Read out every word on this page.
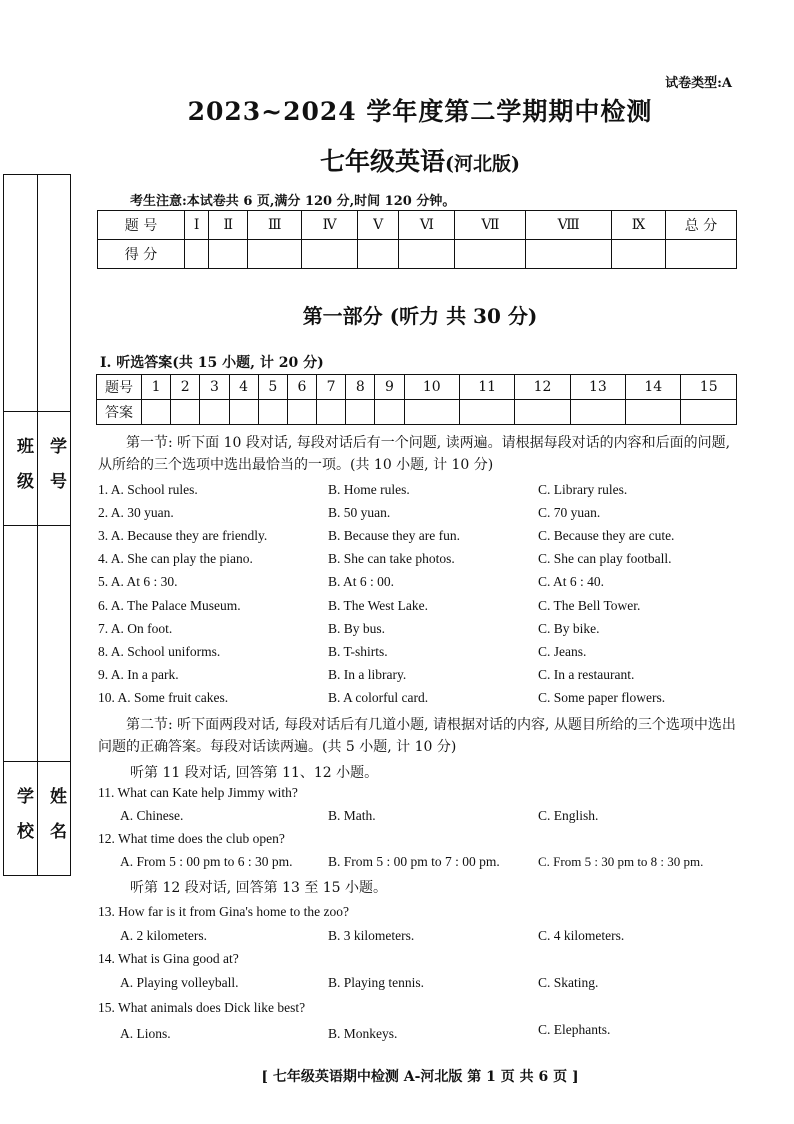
试卷类型:A
2023~2024 学年度第二学期期中检测
七年级英语(河北版)
考生注意:本试卷共 6 页,满分 120 分,时间 120 分钟。
题 号	Ⅰ	Ⅱ	Ⅲ	Ⅳ	Ⅴ	Ⅵ	Ⅶ	Ⅷ	Ⅸ	总 分
得 分										
第一部分 (听力 共 30 分)
Ⅰ. 听选答案(共 15 小题, 计 20 分)
题号	1	2	3	4	5	6	7	8	9	10	11	12	13	14	15
答案															
班级 学号
学校 姓名
第一节: 听下面 10 段对话, 每段对话后有一个问题, 读两遍。请根据每段对话的内容和后面的问题, 从所给的三个选项中选出最恰当的一项。(共 10 小题, 计 10 分)
1. A. School rules.	B. Home rules.	C. Library rules.
2. A. 30 yuan.	B. 50 yuan.	C. 70 yuan.
3. A. Because they are friendly.	B. Because they are fun.	C. Because they are cute.
4. A. She can play the piano.	B. She can take photos.	C. She can play football.
5. A. At 6 : 30.	B. At 6 : 00.	C. At 6 : 40.
6. A. The Palace Museum.	B. The West Lake.	C. The Bell Tower.
7. A. On foot.	B. By bus.	C. By bike.
8. A. School uniforms.	B. T-shirts.	C. Jeans.
9. A. In a park.	B. In a library.	C. In a restaurant.
10. A. Some fruit cakes.	B. A colorful card.	C. Some paper flowers.
第二节: 听下面两段对话, 每段对话后有几道小题, 请根据对话的内容, 从题目所给的三个选项中选出问题的正确答案。每段对话读两遍。(共 5 小题, 计 10 分)
听第 11 段对话, 回答第 11、12 小题。
11. What can Kate help Jimmy with?
A. Chinese.	B. Math.	C. English.
12. What time does the club open?
A. From 5 : 00 pm to 6 : 30 pm.	B. From 5 : 00 pm to 7 : 00 pm.	C. From 5 : 30 pm to 8 : 30 pm.
听第 12 段对话, 回答第 13 至 15 小题。
13. How far is it from Gina's home to the zoo?
A. 2 kilometers.	B. 3 kilometers.	C. 4 kilometers.
14. What is Gina good at?
A. Playing volleyball.	B. Playing tennis.	C. Skating.
15. What animals does Dick like best?
A. Lions.	B. Monkeys.	C. Elephants.
[ 七年级英语期中检测 A-河北版 第 1 页 共 6 页 ]
